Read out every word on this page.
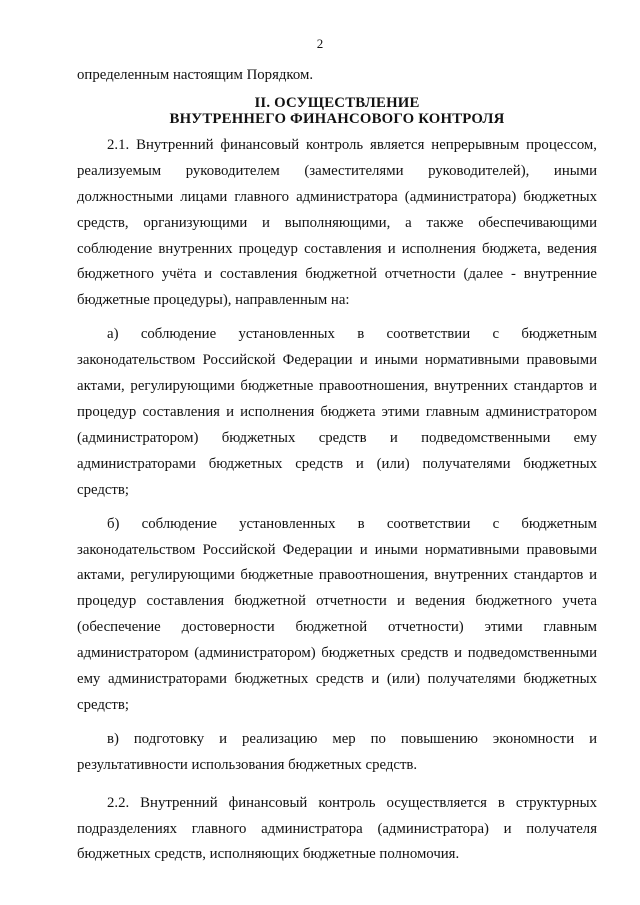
2

определенным настоящим Порядком.

II. ОСУЩЕСТВЛЕНИЕ
ВНУТРЕННЕГО ФИНАНСОВОГО КОНТРОЛЯ

2.1. Внутренний финансовый контроль является непрерывным процессом, реализуемым руководителем (заместителями руководителей), иными должностными лицами главного администратора (администратора) бюджетных средств, организующими и выполняющими, а также обеспечивающими соблюдение внутренних процедур составления и исполнения бюджета, ведения бюджетного учёта и составления бюджетной отчетности (далее - внутренние бюджетные процедуры), направленным на:

а) соблюдение установленных в соответствии с бюджетным законодательством Российской Федерации и иными нормативными правовыми актами, регулирующими бюджетные правоотношения, внутренних стандартов и процедур составления и исполнения бюджета этими главным администратором (администратором) бюджетных средств и подведомственными ему администраторами бюджетных средств и (или) получателями бюджетных средств;

б) соблюдение установленных в соответствии с бюджетным законодательством Российской Федерации и иными нормативными правовыми актами, регулирующими бюджетные правоотношения, внутренних стандартов и процедур составления бюджетной отчетности и ведения бюджетного учета (обеспечение достоверности бюджетной отчетности) этими главным администратором (администратором) бюджетных средств и подведомственными ему администраторами бюджетных средств и (или) получателями бюджетных средств;

в) подготовку и реализацию мер по повышению экономности и результативности использования бюджетных средств.

2.2. Внутренний финансовый контроль осуществляется в структурных подразделениях главного администратора (администратора) и получателя бюджетных средств, исполняющих бюджетные полномочия.
